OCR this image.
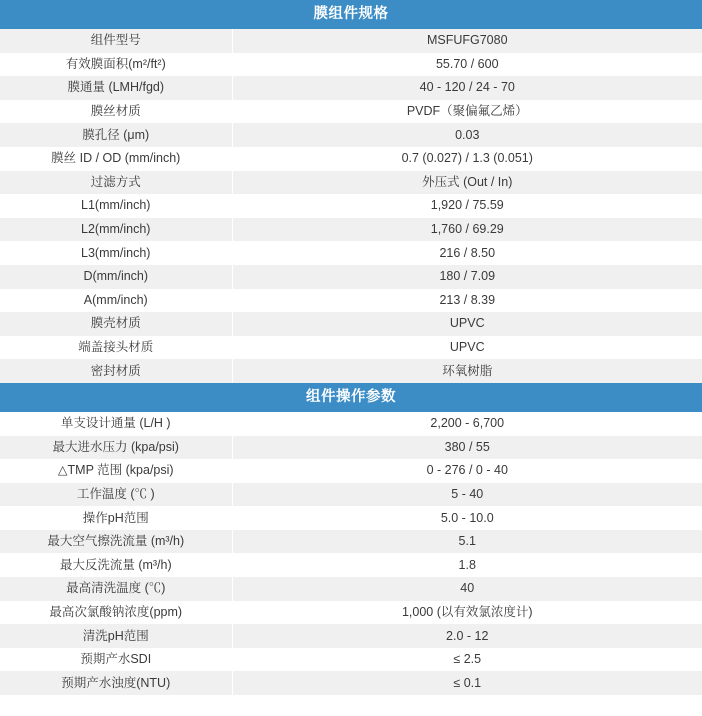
膜组件规格
组件型号	MSFUFG7080
有效膜面积(m²/ft²)	55.70 / 600
膜通量 (LMH/fgd)	40 - 120 / 24 - 70
膜丝材质	PVDF（聚偏氟乙烯）
膜孔径 (μm)	0.03
膜丝 ID / OD (mm/inch)	0.7 (0.027) / 1.3 (0.051)
过滤方式	外压式 (Out / In)
L1(mm/inch)	1,920 / 75.59
L2(mm/inch)	1,760 / 69.29
L3(mm/inch)	216 / 8.50
D(mm/inch)	180 / 7.09
A(mm/inch)	213 / 8.39
膜壳材质	UPVC
端盖接头材质	UPVC
密封材质	环氧树脂
组件操作参数
单支设计通量 (L/H )	2,200 - 6,700
最大进水压力 (kpa/psi)	380 / 55
△TMP 范围 (kpa/psi)	0 - 276 / 0 - 40
工作温度 (℃ )	5 - 40
操作pH范围	5.0 - 10.0
最大空气擦洗流量 (m³/h)	5.1
最大反洗流量 (m³/h)	1.8
最高清洗温度 (℃)	40
最高次氯酸钠浓度(ppm)	1,000 (以有效氯浓度计)
清洗pH范围	2.0 - 12
预期产水SDI	≤ 2.5
预期产水浊度(NTU)	≤ 0.1
